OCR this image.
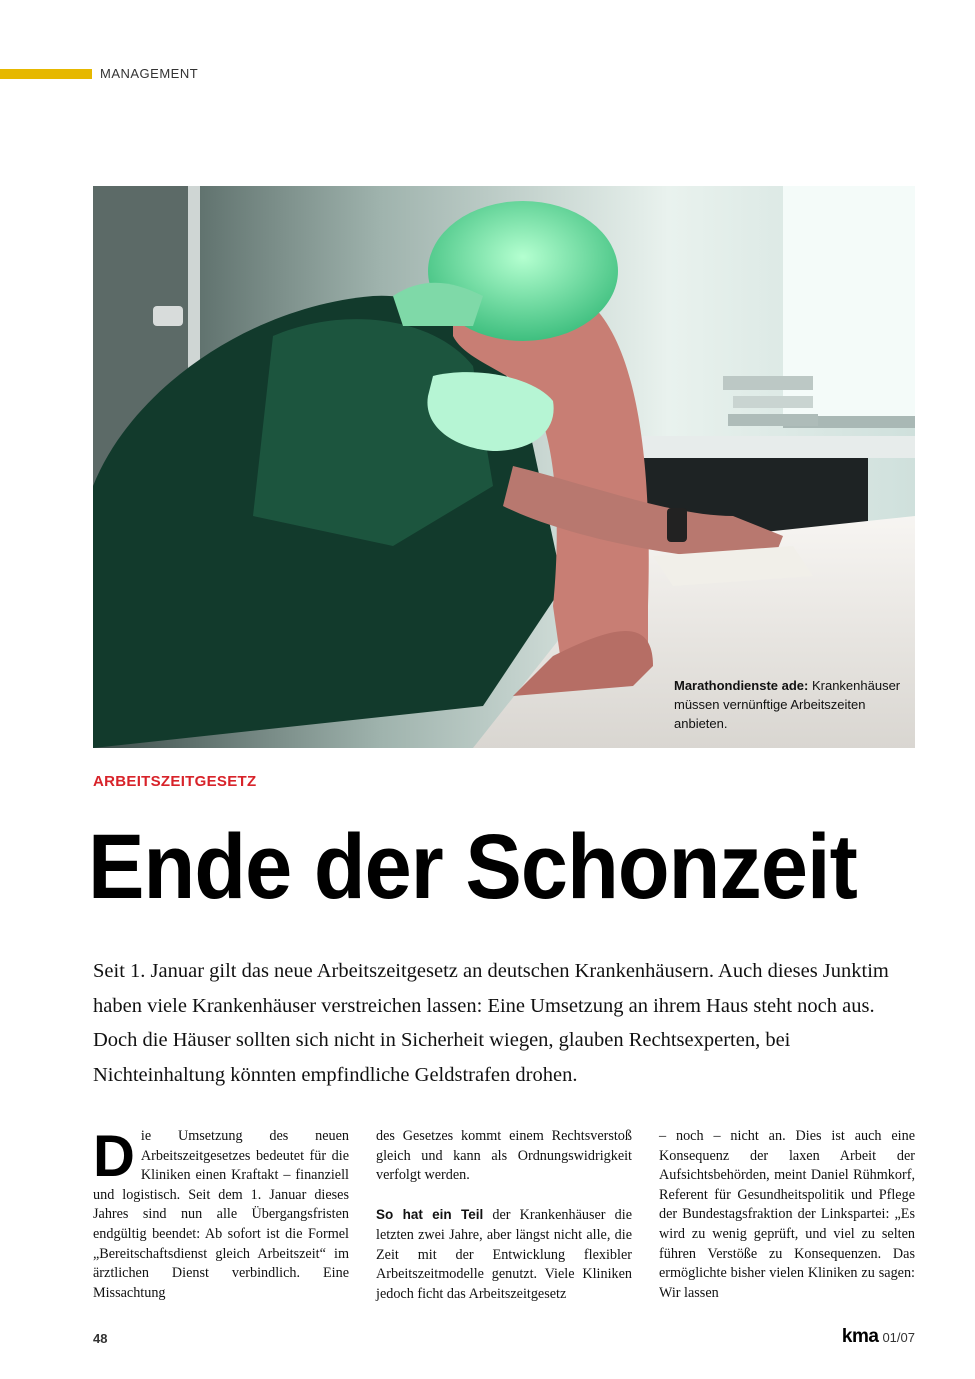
MANAGEMENT
Marathondienste ade: Krankenhäuser müssen vernünftige Arbeitszeiten anbieten.
ARBEITSZEITGESETZ
Ende der Schonzeit

Seit 1. Januar gilt das neue Arbeitszeitgesetz an deutschen Krankenhäusern. Auch dieses Junktim haben viele Krankenhäuser verstreichen lassen: Eine Umsetzung an ihrem Haus steht noch aus. Doch die Häuser sollten sich nicht in Sicherheit wiegen, glauben Rechtsexperten, bei Nichteinhaltung könnten empfindliche Geldstrafen drohen.

Die Umsetzung des neuen Arbeitszeitgesetzes bedeutet für die Kliniken einen Kraftakt – finanziell und logistisch. Seit dem 1. Januar dieses Jahres sind nun alle Übergangsfristen endgültig beendet: Ab sofort ist die Formel „Bereitschaftsdienst gleich Arbeitszeit“ im ärztlichen Dienst verbindlich. Eine Missachtung
des Gesetzes kommt einem Rechtsverstoß gleich und kann als Ordnungswidrigkeit verfolgt werden.
So hat ein Teil der Krankenhäuser die letzten zwei Jahre, aber längst nicht alle, die Zeit mit der Entwicklung flexibler Arbeitszeitmodelle genutzt. Viele Kliniken jedoch ficht das Arbeitszeitgesetz
– noch – nicht an. Dies ist auch eine Konsequenz der laxen Arbeit der Aufsichtsbehörden, meint Daniel Rühmkorf, Referent für Gesundheitspolitik und Pflege der Bundestagsfraktion der Linkspartei: „Es wird zu wenig geprüft, und viel zu selten führen Verstöße zu Konsequenzen. Das ermöglichte bisher vielen Kliniken zu sagen: Wir lassen
48	kma 01/07
